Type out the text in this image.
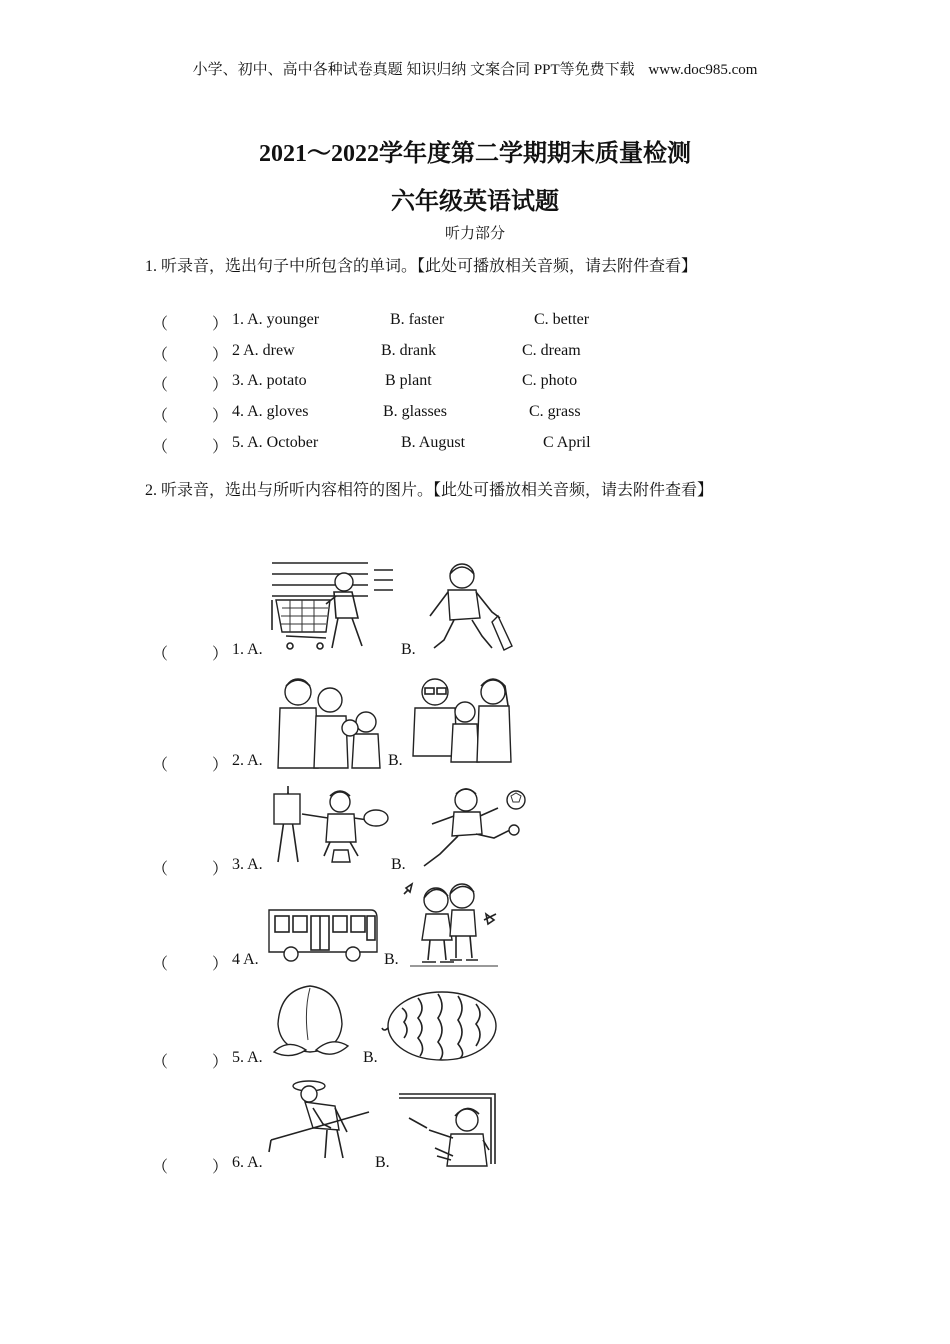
小学、初中、高中各种试卷真题 知识归纳 文案合同 PPT等免费下载 www.doc985.com
2021～2022学年度第二学期期末质量检测
六年级英语试题
听力部分
1. 听录音，选出句子中所包含的单词。【此处可播放相关音频，请去附件查看】
（	） 1. A. younger	B. faster	C. better
（	） 2 A. drew	B. drank	C. dream
（	） 3. A. potato	B plant	C. photo
（	） 4. A. gloves	B. glasses	C. grass
（	） 5. A. October	B. August	C April
2. 听录音，选出与所听内容相符的图片。【此处可播放相关音频，请去附件查看】
（	） 1. A.	B.
（	） 2. A.	B.
（	） 3. A.	B.
（	） 4 A.	B.
（	） 5. A.	B.
（	） 6. A.	B.
